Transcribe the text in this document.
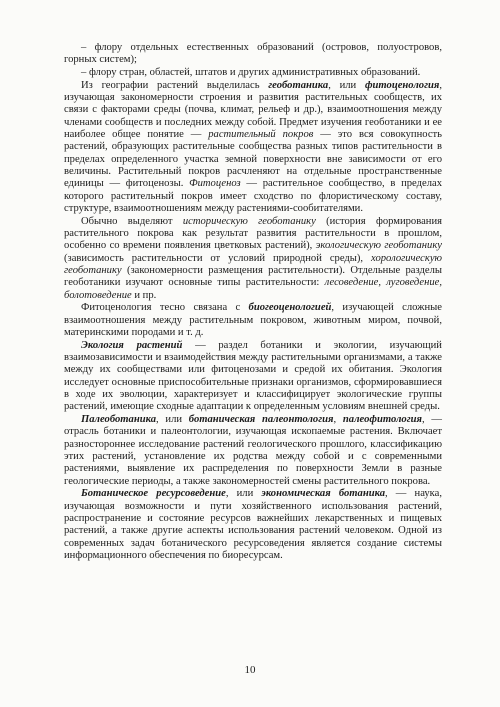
– флору отдельных естественных образований (островов, полуостровов, горных систем);

– флору стран, областей, штатов и других административных образований.

Из географии растений выделилась геоботаника, или фитоценология, изучающая закономерности строения и развития растительных сообществ, их связи с факторами среды (почва, климат, рельеф и др.), взаимоотношения между членами сообществ и последних между собой. Предмет изучения геоботаники и ее наиболее общее понятие — растительный покров — это вся совокупность растений, образующих растительные сообщества разных типов растительности в пределах определенного участка земной поверхности вне зависимости от его величины. Растительный покров расчленяют на отдельные пространственные единицы — фитоценозы. Фитоценоз — растительное сообщество, в пределах которого растительный покров имеет сходство по флористическому составу, структуре, взаимоотношениям между растениями-сообитателями.

Обычно выделяют историческую геоботанику (история формирования растительного покрова как результат развития растительности в прошлом, особенно со времени появления цветковых растений), экологическую геоботанику (зависимость растительности от условий природной среды), хорологическую геоботанику (закономерности размещения растительности). Отдельные разделы геоботаники изучают основные типы растительности: лесоведение, луговедение, болотоведение и пр.

Фитоценология тесно связана с биогеоценологией, изучающей сложные взаимоотношения между растительным покровом, животным миром, почвой, материнскими породами и т. д.

Экология растений — раздел ботаники и экологии, изучающий взаимозависимости и взаимодействия между растительными организмами, а также между их сообществами или фитоценозами и средой их обитания. Экология исследует основные приспособительные признаки организмов, сформировавшиеся в ходе их эволюции, характеризует и классифицирует экологические группы растений, имеющие сходные адаптации к определенным условиям внешней среды.

Палеоботаника, или ботаническая палеонтология, палеофитология, — отрасль ботаники и палеонтологии, изучающая ископаемые растения. Включает разностороннее исследование растений геологического прошлого, классификацию этих растений, установление их родства между собой и с современными растениями, выявление их распределения по поверхности Земли в разные геологические периоды, а также закономерностей смены растительного покрова.

Ботаническое ресурсоведение, или экономическая ботаника, — наука, изучающая возможности и пути хозяйственного использования растений, распространение и состояние ресурсов важнейших лекарственных и пищевых растений, а также другие аспекты использования растений человеком. Одной из современных задач ботанического ресурсоведения является создание системы информационного обеспечения по биоресурсам.

10
